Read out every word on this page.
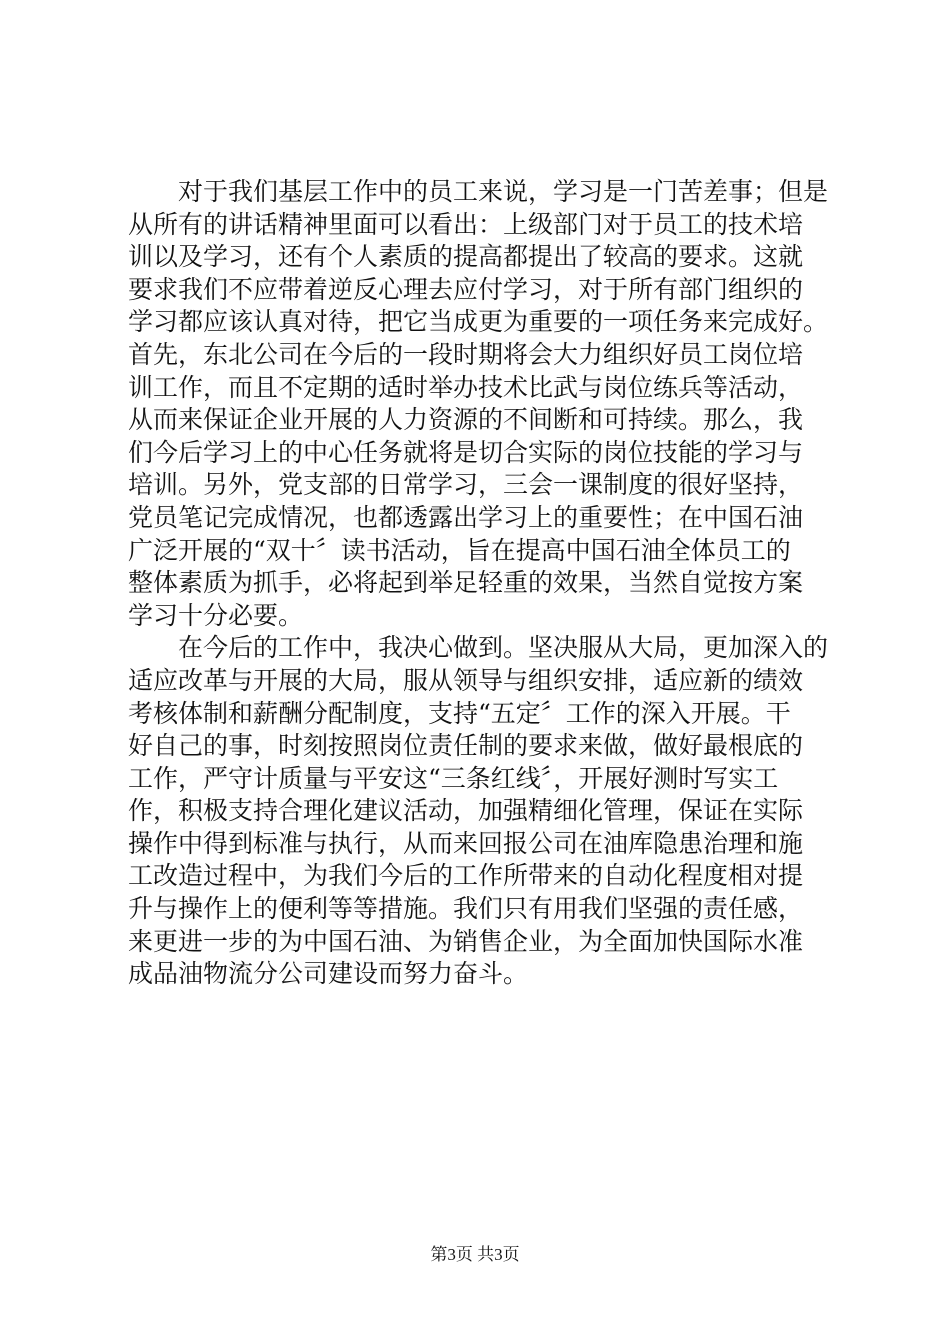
对于我们基层工作中的员工来说，学习是一门苦差事；但是
从所有的讲话精神里面可以看出：上级部门对于员工的技术培
训以及学习，还有个人素质的提高都提出了较高的要求。这就
要求我们不应带着逆反心理去应付学习，对于所有部门组织的
学习都应该认真对待，把它当成更为重要的一项任务来完成好。
首先，东北公司在今后的一段时期将会大力组织好员工岗位培
训工作，而且不定期的适时举办技术比武与岗位练兵等活动，
从而来保证企业开展的人力资源的不间断和可持续。那么，我
们今后学习上的中心任务就将是切合实际的岗位技能的学习与
培训。另外，党支部的日常学习，三会一课制度的很好坚持，
党员笔记完成情况，也都透露出学习上的重要性；在中国石油
广泛开展的“双十〞读书活动，旨在提高中国石油全体员工的
整体素质为抓手，必将起到举足轻重的效果，当然自觉按方案
学习十分必要。
在今后的工作中，我决心做到。坚决服从大局，更加深入的
适应改革与开展的大局，服从领导与组织安排，适应新的绩效
考核体制和薪酬分配制度，支持“五定〞工作的深入开展。干
好自己的事，时刻按照岗位责任制的要求来做，做好最根底的
工作，严守计质量与平安这“三条红线〞，开展好测时写实工
作，积极支持合理化建议活动，加强精细化管理，保证在实际
操作中得到标准与执行，从而来回报公司在油库隐患治理和施
工改造过程中，为我们今后的工作所带来的自动化程度相对提
升与操作上的便利等等措施。我们只有用我们坚强的责任感，
来更进一步的为中国石油、为销售企业，为全面加快国际水准
成品油物流分公司建设而努力奋斗。
第3页 共3页
